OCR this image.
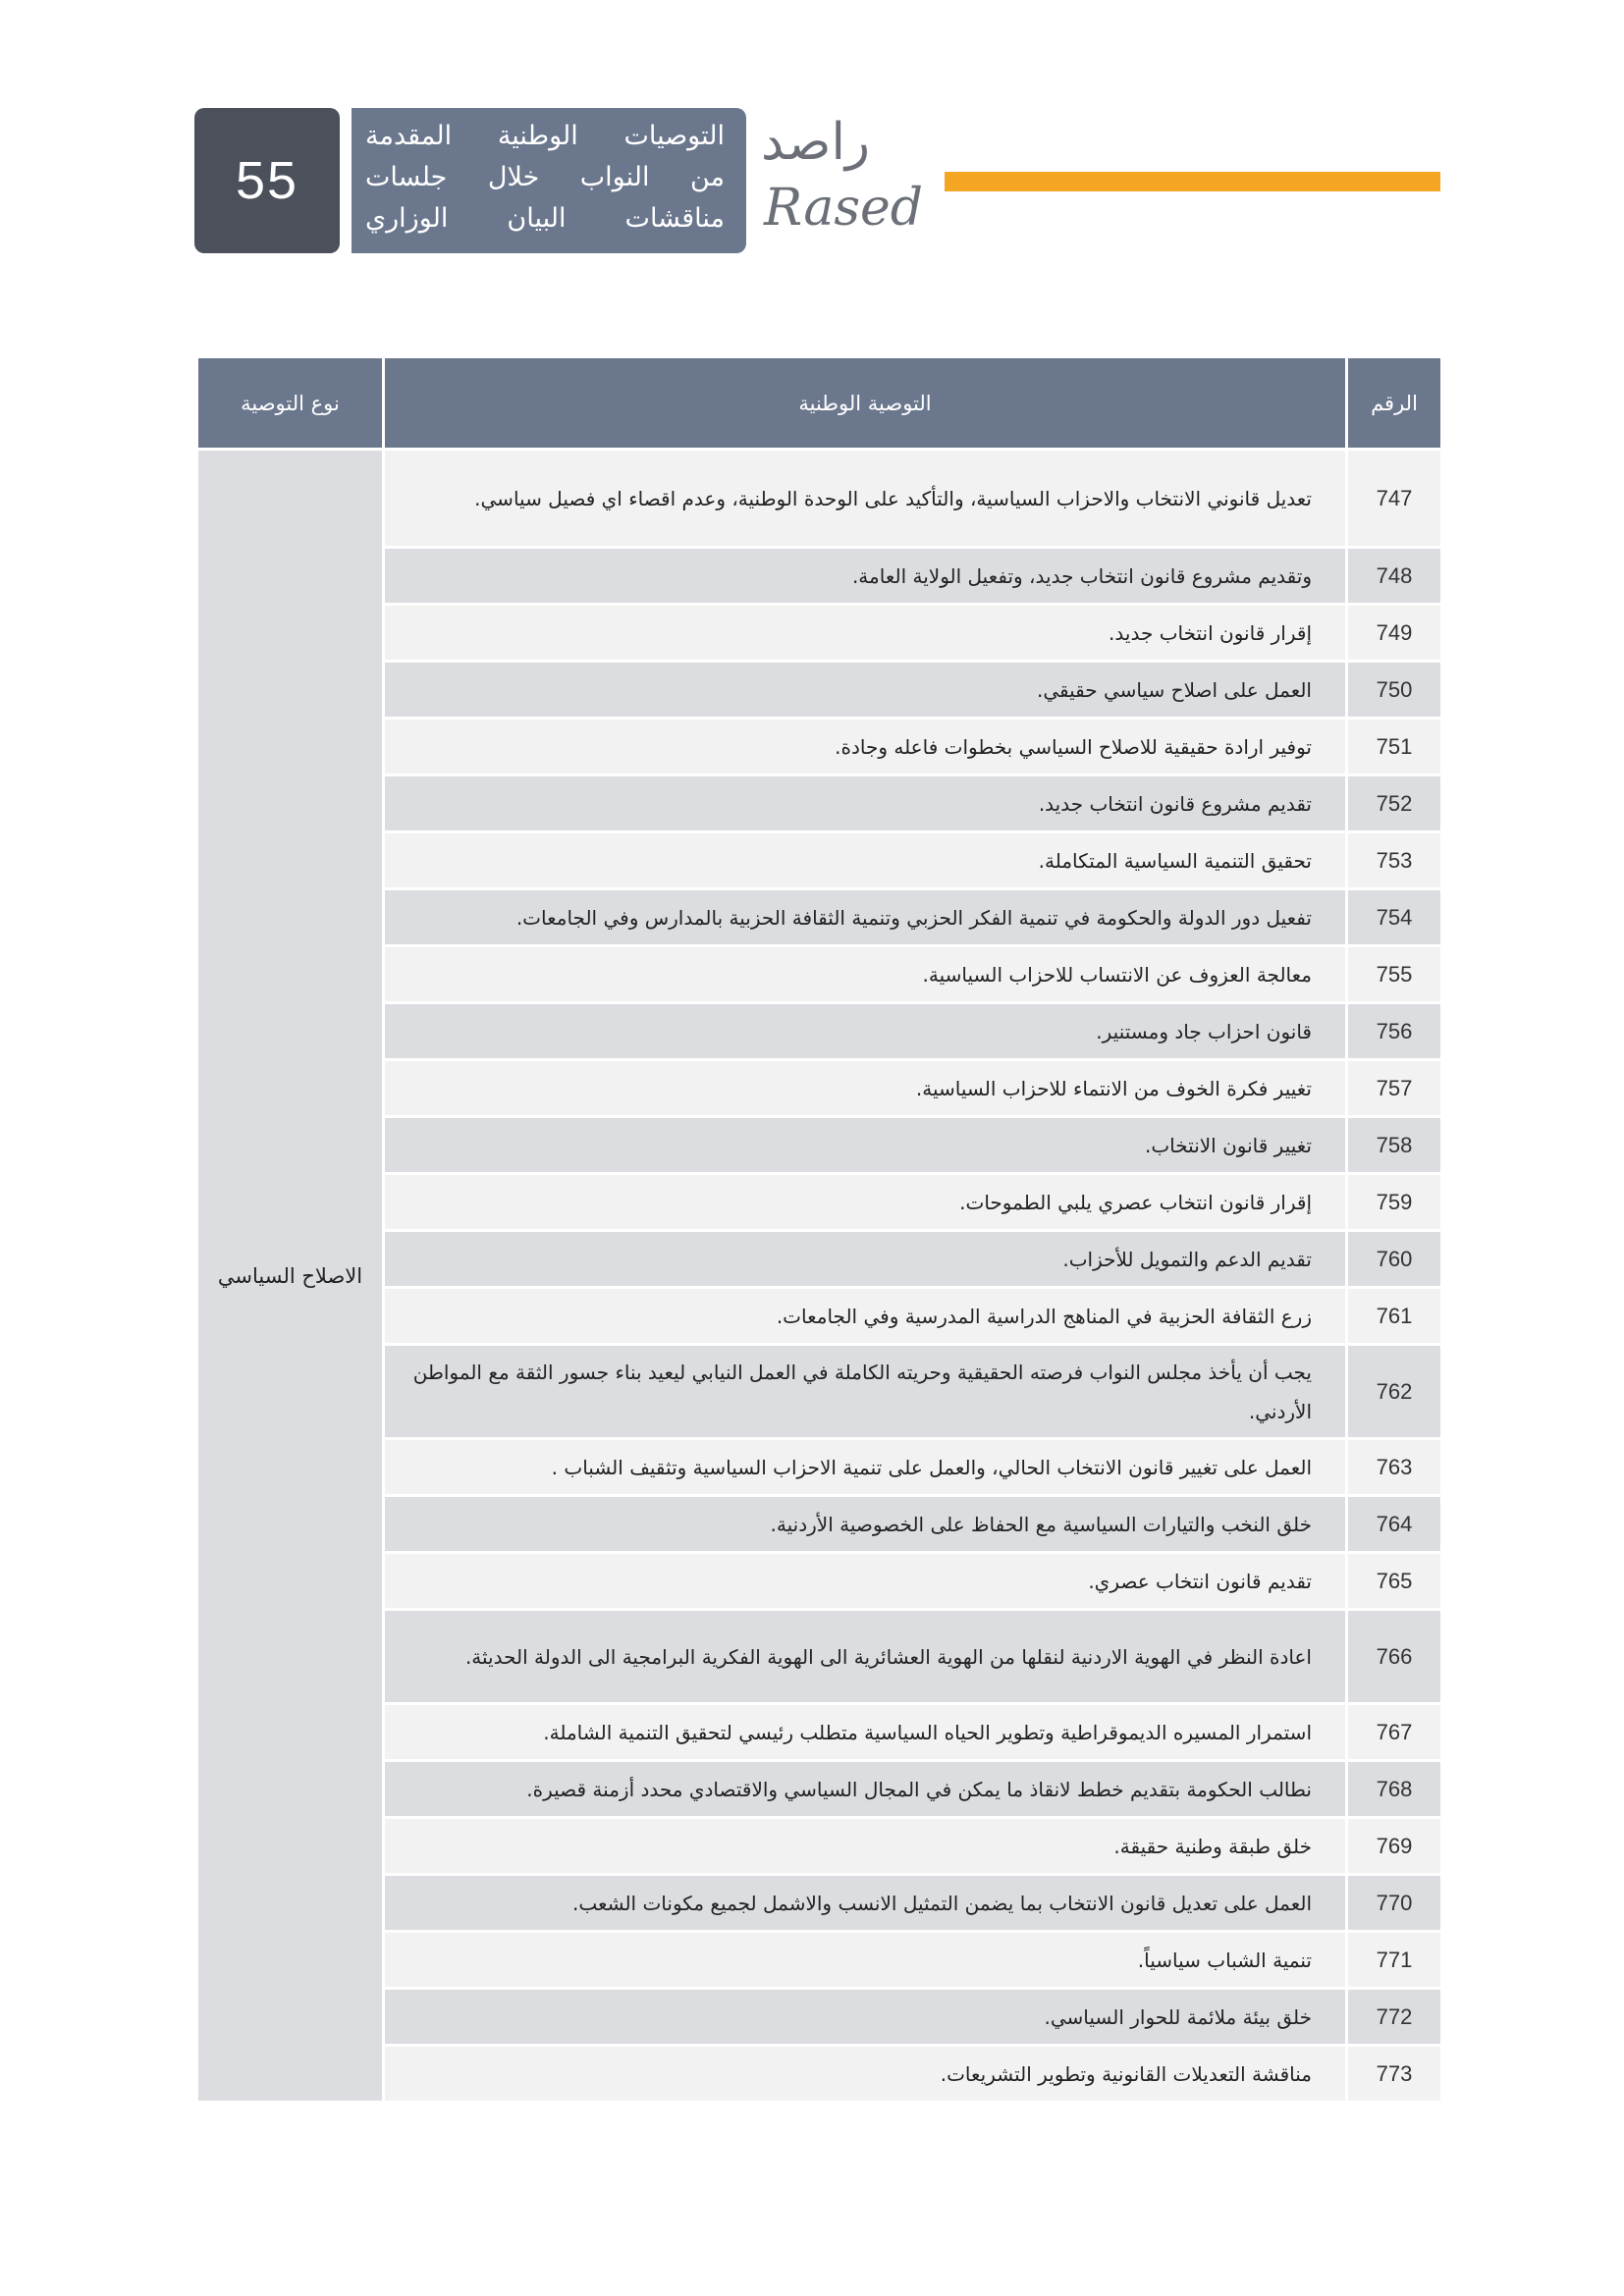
55
التوصيات الوطنية المقدمة
من النواب خلال جلسات
مناقشات البيان الوزاري
راصد
Rased
الرقم	التوصية الوطنية	نوع التوصية
747	تعديل قانوني الانتخاب والاحزاب السياسية، والتأكيد على الوحدة الوطنية، وعدم اقصاء اي فصيل سياسي.	الاصلاح السياسي
748	وتقديم مشروع قانون انتخاب جديد، وتفعيل الولاية العامة.	
749	إقرار قانون انتخاب جديد.	
750	العمل على اصلاح سياسي حقيقي.	
751	توفير ارادة حقيقية للاصلاح السياسي بخطوات فاعله وجادة.	
752	تقديم مشروع قانون انتخاب جديد.	
753	تحقيق التنمية السياسية المتكاملة.	
754	تفعيل دور الدولة والحكومة في تنمية الفكر الحزبي وتنمية الثقافة الحزبية بالمدارس وفي الجامعات.	
755	معالجة العزوف عن الانتساب للاحزاب السياسية.	
756	قانون احزاب جاد ومستنير.	
757	تغيير فكرة الخوف من الانتماء للاحزاب السياسية.	
758	تغيير قانون الانتخاب.	
759	إقرار قانون انتخاب عصري يلبي الطموحات.	
760	تقديم الدعم والتمويل للأحزاب.	
761	زرع الثقافة الحزبية في المناهج الدراسية المدرسية وفي الجامعات.	
762	يجب أن يأخذ مجلس النواب فرصته الحقيقية وحريته الكاملة في العمل النيابي ليعيد بناء جسور الثقة مع المواطن الأردني.	
763	العمل على تغيير قانون الانتخاب الحالي، والعمل على تنمية الاحزاب السياسية وتثقيف الشباب .	
764	خلق النخب والتيارات السياسية مع الحفاظ على الخصوصية الأردنية.	
765	تقديم قانون انتخاب عصري.	
766	اعادة النظر في الهوية الاردنية لنقلها من الهوية العشائرية الى الهوية الفكرية البرامجية الى الدولة الحديثة.	
767	استمرار المسيره الديموقراطية وتطوير الحياه السياسية متطلب رئيسي لتحقيق التنمية الشاملة.	
768	نطالب الحكومة بتقديم خطط لانقاذ ما يمكن في المجال السياسي والاقتصادي محدد أزمنة قصيرة.	
769	خلق طبقة وطنية حقيقة.	
770	العمل على تعديل قانون الانتخاب بما يضمن التمثيل الانسب والاشمل لجميع مكونات الشعب.	
771	تنمية الشباب سياسياً.	
772	خلق بيئة ملائمة للحوار السياسي.	
773	مناقشة التعديلات القانونية وتطوير التشريعات.	
